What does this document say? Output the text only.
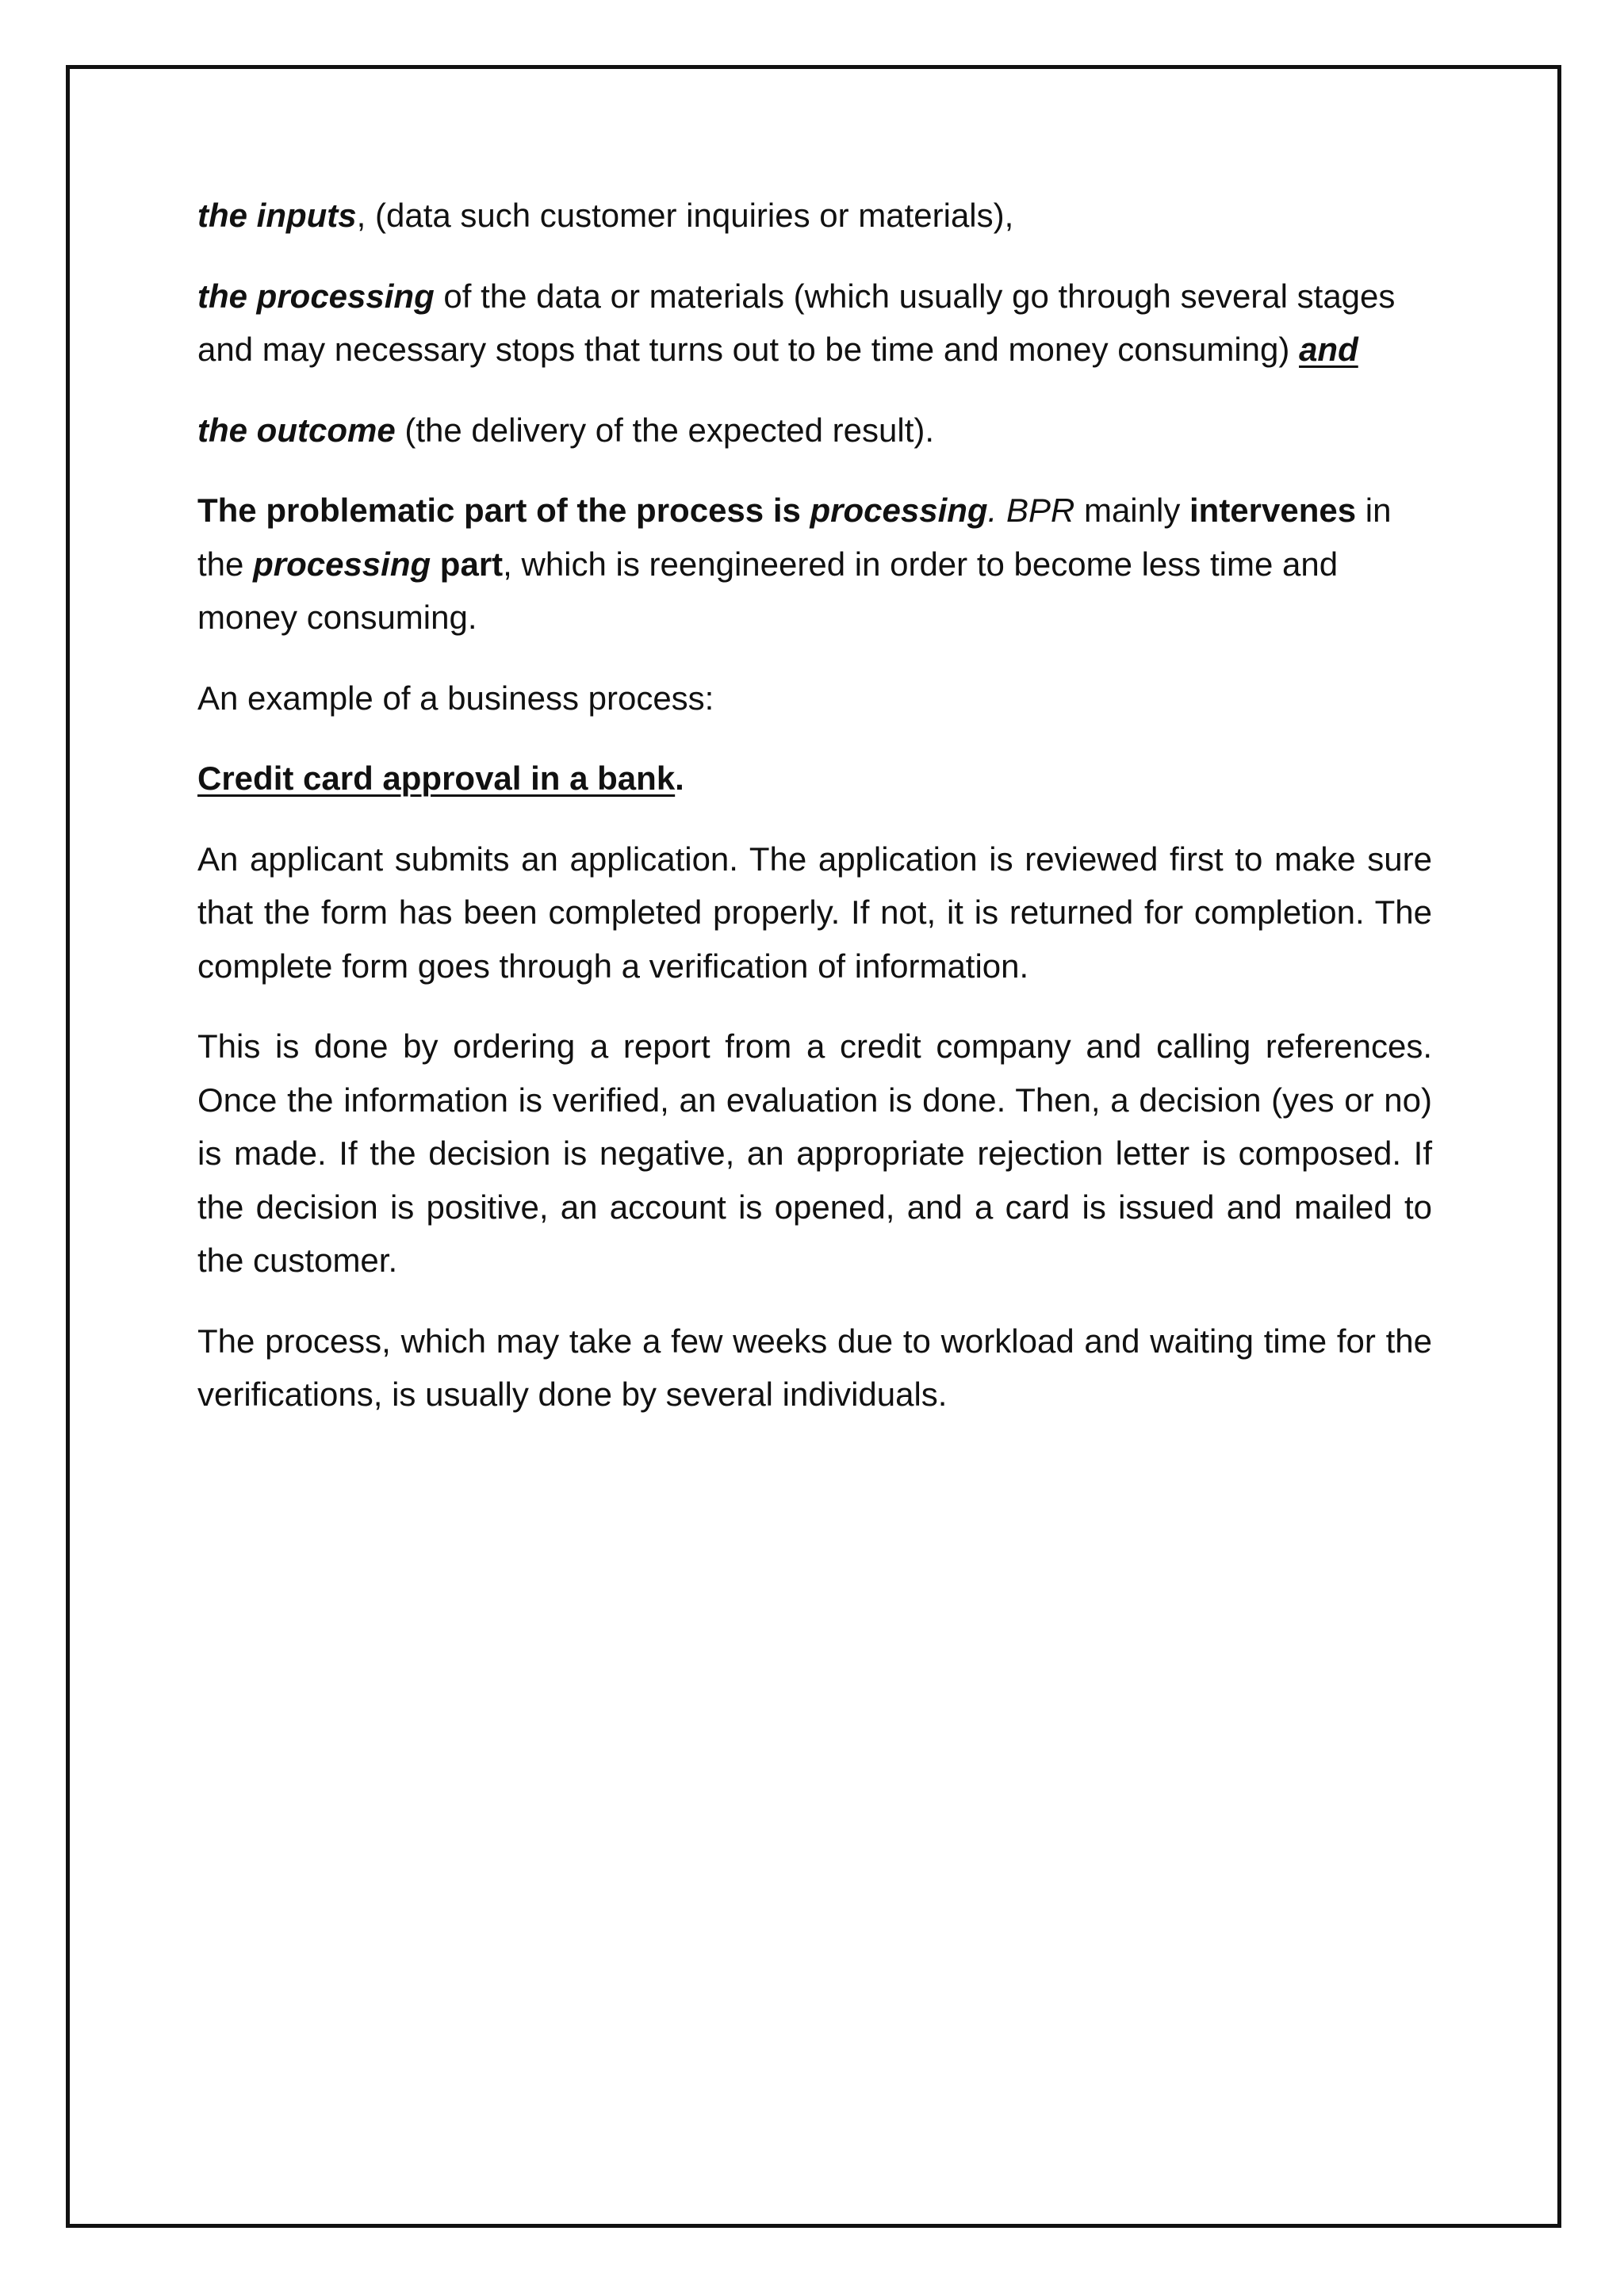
the inputs, (data such customer inquiries or materials),

the processing of the data or materials (which usually go through several stages and may necessary stops that turns out to be time and money consuming) and

the outcome (the delivery of the expected result).

The problematic part of the process is processing. BPR mainly intervenes in the processing part, which is reengineered in order to become less time and money consuming.

An example of a business process:

Credit card approval in a bank.

An applicant submits an application. The application is reviewed first to make sure that the form has been completed properly. If not, it is returned for completion. The complete form goes through a verification of information.

This is done by ordering a report from a credit company and calling references. Once the information is verified, an evaluation is done. Then, a decision (yes or no) is made. If the decision is negative, an appropriate rejection letter is composed. If the decision is positive, an account is opened, and a card is issued and mailed to the customer.

The process, which may take a few weeks due to workload and waiting time for the verifications, is usually done by several individuals.
